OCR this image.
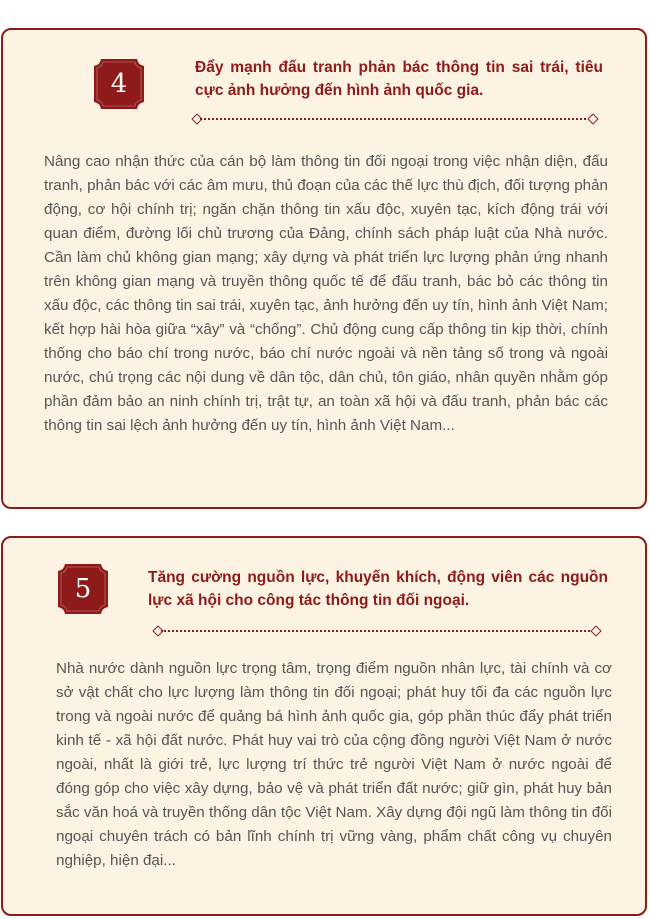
4
Đẩy mạnh đấu tranh phản bác thông tin sai trái, tiêu cực ảnh hưởng đến hình ảnh quốc gia.

Nâng cao nhận thức của cán bộ làm thông tin đối ngoại trong việc nhận diện, đấu tranh, phản bác với các âm mưu, thủ đoạn của các thế lực thù địch, đối tượng phản động, cơ hội chính trị; ngăn chặn thông tin xấu độc, xuyên tạc, kích động trái với quan điểm, đường lối chủ trương của Đảng, chính sách pháp luật của Nhà nước. Cần làm chủ không gian mạng; xây dựng và phát triển lực lượng phản ứng nhanh trên không gian mạng và truyền thông quốc tế để đấu tranh, bác bỏ các thông tin xấu độc, các thông tin sai trái, xuyên tạc, ảnh hưởng đến uy tín, hình ảnh Việt Nam; kết hợp hài hòa giữa “xây” và “chống”. Chủ động cung cấp thông tin kịp thời, chính thống cho báo chí trong nước, báo chí nước ngoài và nền tảng số trong và ngoài nước, chú trọng các nội dung về dân tộc, dân chủ, tôn giáo, nhân quyền nhằm góp phần đảm bảo an ninh chính trị, trật tự, an toàn xã hội và đấu tranh, phản bác các thông tin sai lệch ảnh hưởng đến uy tín, hình ảnh Việt Nam...

5	Tăng cường nguồn lực, khuyến khích, động viên các nguồn lực xã hội cho công tác thông tin đối ngoại.

Nhà nước dành nguồn lực trọng tâm, trọng điểm nguồn nhân lực, tài chính và cơ sở vật chất cho lực lượng làm thông tin đối ngoại; phát huy tối đa các nguồn lực trong và ngoài nước để quảng bá hình ảnh quốc gia, góp phần thúc đẩy phát triển kinh tế - xã hội đất nước. Phát huy vai trò của cộng đồng người Việt Nam ở nước ngoài, nhất là giới trẻ, lực lượng trí thức trẻ người Việt Nam ở nước ngoài để đóng góp cho việc xây dựng, bảo vệ và phát triển đất nước; giữ gìn, phát huy bản sắc văn hoá và truyền thống dân tộc Việt Nam. Xây dựng đội ngũ làm thông tin đối ngoại chuyên trách có bản lĩnh chính trị vững vàng, phẩm chất công vụ chuyên nghiệp, hiện đại...
